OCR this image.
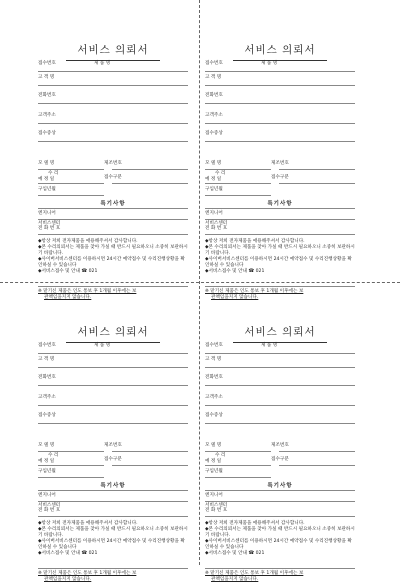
서비스 의뢰서
접수번호	제 품 명
고 객 명
전화번호
고객주소
접수증상
모 델 명	제조번호
수 리
예 정 일	접수구분
구입년월
특기사항
엔지니어
서비스센터
전 화 번 호

◆항상 저희 전자제품을 애용해주셔서 감사합니다.

◆본 수리의뢰서는 제품을 찾아 가실 때 반드시 필요하오니 소중히 보관하시기 바랍니다.

◆사이버서비스센터를 이용하시면 24시간 예약접수 및 수리진행상황을 확인하실 수 있습니다

◆서비스접수 및 안내 ☎ 021

※ 맡기신 제품은 인도 통보 후 1개월 이후에는 보
관책임을지지 않습니다.
서비스 의뢰서
접수번호	제 품 명
고 객 명
전화번호
고객주소
접수증상
모 델 명	제조번호
수 리
예 정 일	접수구분
구입년월
특기사항
엔지니어
서비스센터
전 화 번 호

◆항상 저희 전자제품을 애용해주셔서 감사합니다.

◆본 수리의뢰서는 제품을 찾아 가실 때 반드시 필요하오니 소중히 보관하시기 바랍니다.

◆사이버서비스센터를 이용하시면 24시간 예약접수 및 수리진행상황을 확인하실 수 있습니다

◆서비스접수 및 안내 ☎ 021

※ 맡기신 제품은 인도 통보 후 1개월 이후에는 보
관책임을지지 않습니다.
서비스 의뢰서
접수번호	제 품 명
고 객 명
전화번호
고객주소
접수증상
모 델 명	제조번호
수 리
예 정 일	접수구분
구입년월
특기사항
엔지니어
서비스센터
전 화 번 호

◆항상 저희 전자제품을 애용해주셔서 감사합니다.

◆본 수리의뢰서는 제품을 찾아 가실 때 반드시 필요하오니 소중히 보관하시기 바랍니다.

◆사이버서비스센터를 이용하시면 24시간 예약접수 및 수리진행상황을 확인하실 수 있습니다

◆서비스접수 및 안내 ☎ 021

※ 맡기신 제품은 인도 통보 후 1개월 이후에는 보
관책임을지지 않습니다.
서비스 의뢰서
접수번호	제 품 명
고 객 명
전화번호
고객주소
접수증상
모 델 명	제조번호
수 리
예 정 일	접수구분
구입년월
특기사항
엔지니어
서비스센터
전 화 번 호

◆항상 저희 전자제품을 애용해주셔서 감사합니다.

◆본 수리의뢰서는 제품을 찾아 가실 때 반드시 필요하오니 소중히 보관하시기 바랍니다.

◆사이버서비스센터를 이용하시면 24시간 예약접수 및 수리진행상황을 확인하실 수 있습니다

◆서비스접수 및 안내 ☎ 021

※ 맡기신 제품은 인도 통보 후 1개월 이후에는 보
관책임을지지 않습니다.
